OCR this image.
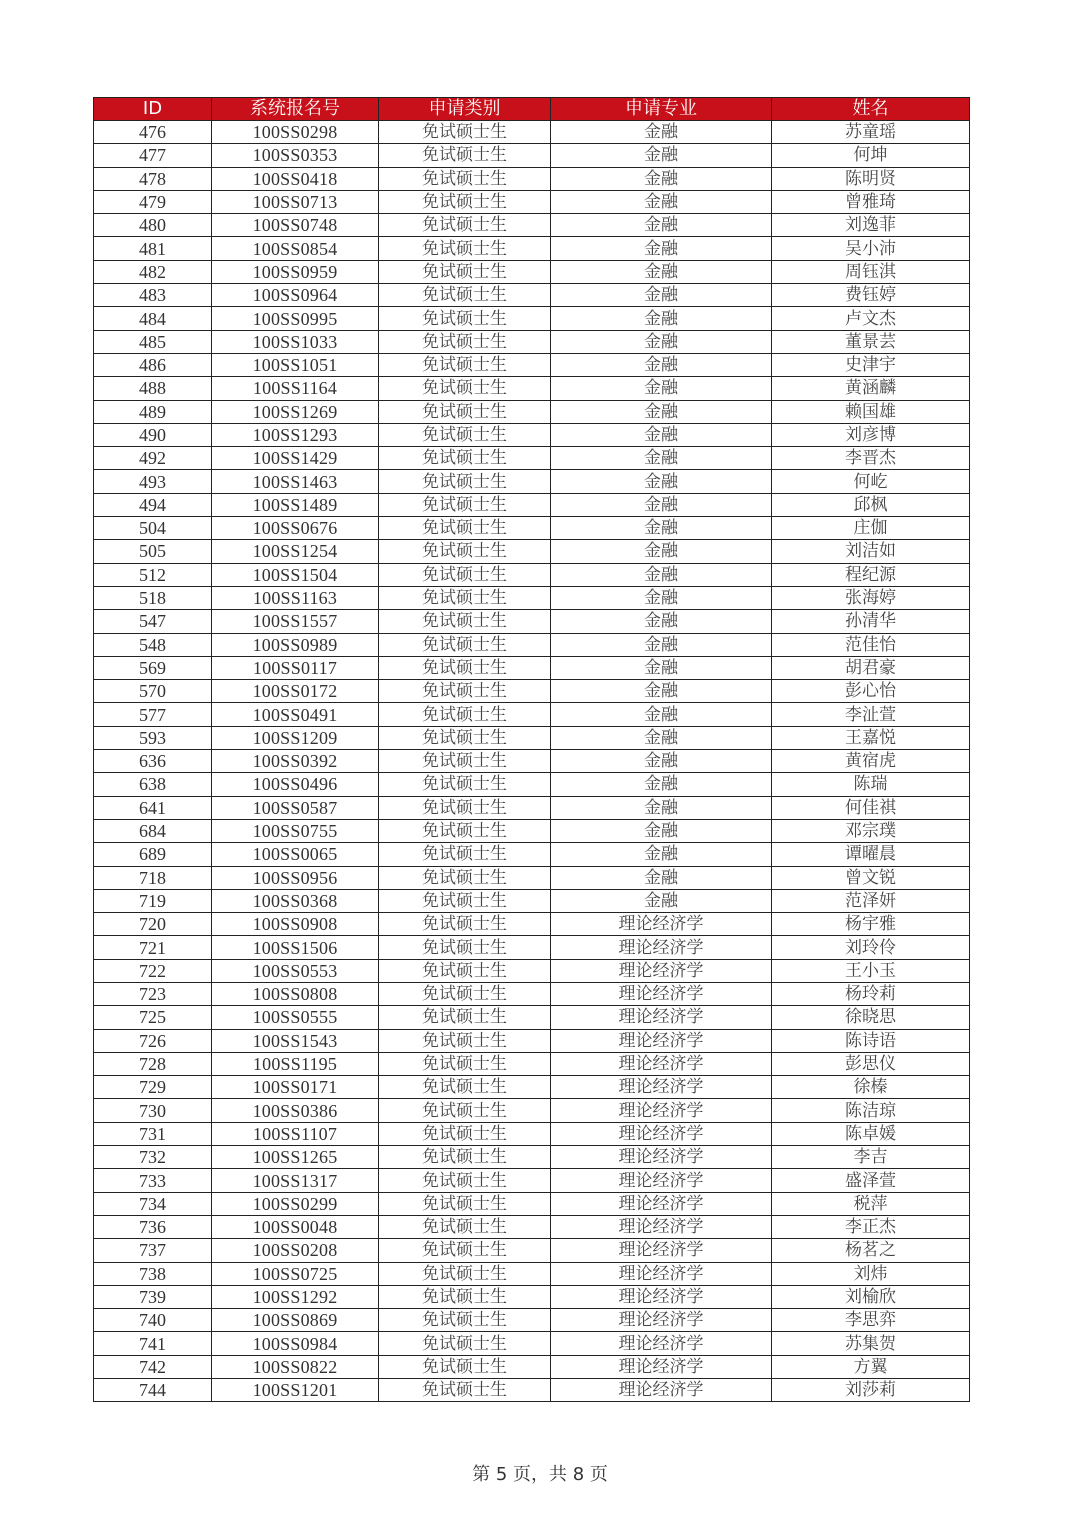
ID	系统报名号	申请类别	申请专业	姓名
476	100SS0298	免试硕士生	金融	苏童瑶
477	100SS0353	免试硕士生	金融	何坤
478	100SS0418	免试硕士生	金融	陈明贤
479	100SS0713	免试硕士生	金融	曾雅琦
480	100SS0748	免试硕士生	金融	刘逸菲
481	100SS0854	免试硕士生	金融	吴小沛
482	100SS0959	免试硕士生	金融	周钰淇
483	100SS0964	免试硕士生	金融	费钰婷
484	100SS0995	免试硕士生	金融	卢文杰
485	100SS1033	免试硕士生	金融	董景芸
486	100SS1051	免试硕士生	金融	史津宇
488	100SS1164	免试硕士生	金融	黄涵麟
489	100SS1269	免试硕士生	金融	赖国雄
490	100SS1293	免试硕士生	金融	刘彦博
492	100SS1429	免试硕士生	金融	李晋杰
493	100SS1463	免试硕士生	金融	何屹
494	100SS1489	免试硕士生	金融	邱枫
504	100SS0676	免试硕士生	金融	庄伽
505	100SS1254	免试硕士生	金融	刘洁如
512	100SS1504	免试硕士生	金融	程纪源
518	100SS1163	免试硕士生	金融	张海婷
547	100SS1557	免试硕士生	金融	孙清华
548	100SS0989	免试硕士生	金融	范佳怡
569	100SS0117	免试硕士生	金融	胡君豪
570	100SS0172	免试硕士生	金融	彭心怡
577	100SS0491	免试硕士生	金融	李沚萱
593	100SS1209	免试硕士生	金融	王嘉悦
636	100SS0392	免试硕士生	金融	黄宿虎
638	100SS0496	免试硕士生	金融	陈瑞
641	100SS0587	免试硕士生	金融	何佳祺
684	100SS0755	免试硕士生	金融	邓宗璞
689	100SS0065	免试硕士生	金融	谭曜晨
718	100SS0956	免试硕士生	金融	曾文锐
719	100SS0368	免试硕士生	金融	范泽妍
720	100SS0908	免试硕士生	理论经济学	杨宇雅
721	100SS1506	免试硕士生	理论经济学	刘玲伶
722	100SS0553	免试硕士生	理论经济学	王小玉
723	100SS0808	免试硕士生	理论经济学	杨玲莉
725	100SS0555	免试硕士生	理论经济学	徐晓思
726	100SS1543	免试硕士生	理论经济学	陈诗语
728	100SS1195	免试硕士生	理论经济学	彭思仪
729	100SS0171	免试硕士生	理论经济学	徐榛
730	100SS0386	免试硕士生	理论经济学	陈洁琼
731	100SS1107	免试硕士生	理论经济学	陈卓媛
732	100SS1265	免试硕士生	理论经济学	李吉
733	100SS1317	免试硕士生	理论经济学	盛泽萱
734	100SS0299	免试硕士生	理论经济学	税萍
736	100SS0048	免试硕士生	理论经济学	李正杰
737	100SS0208	免试硕士生	理论经济学	杨茗之
738	100SS0725	免试硕士生	理论经济学	刘炜
739	100SS1292	免试硕士生	理论经济学	刘榆欣
740	100SS0869	免试硕士生	理论经济学	李思弈
741	100SS0984	免试硕士生	理论经济学	苏集贺
742	100SS0822	免试硕士生	理论经济学	方翼
744	100SS1201	免试硕士生	理论经济学	刘莎莉
第 5 页，共 8 页
